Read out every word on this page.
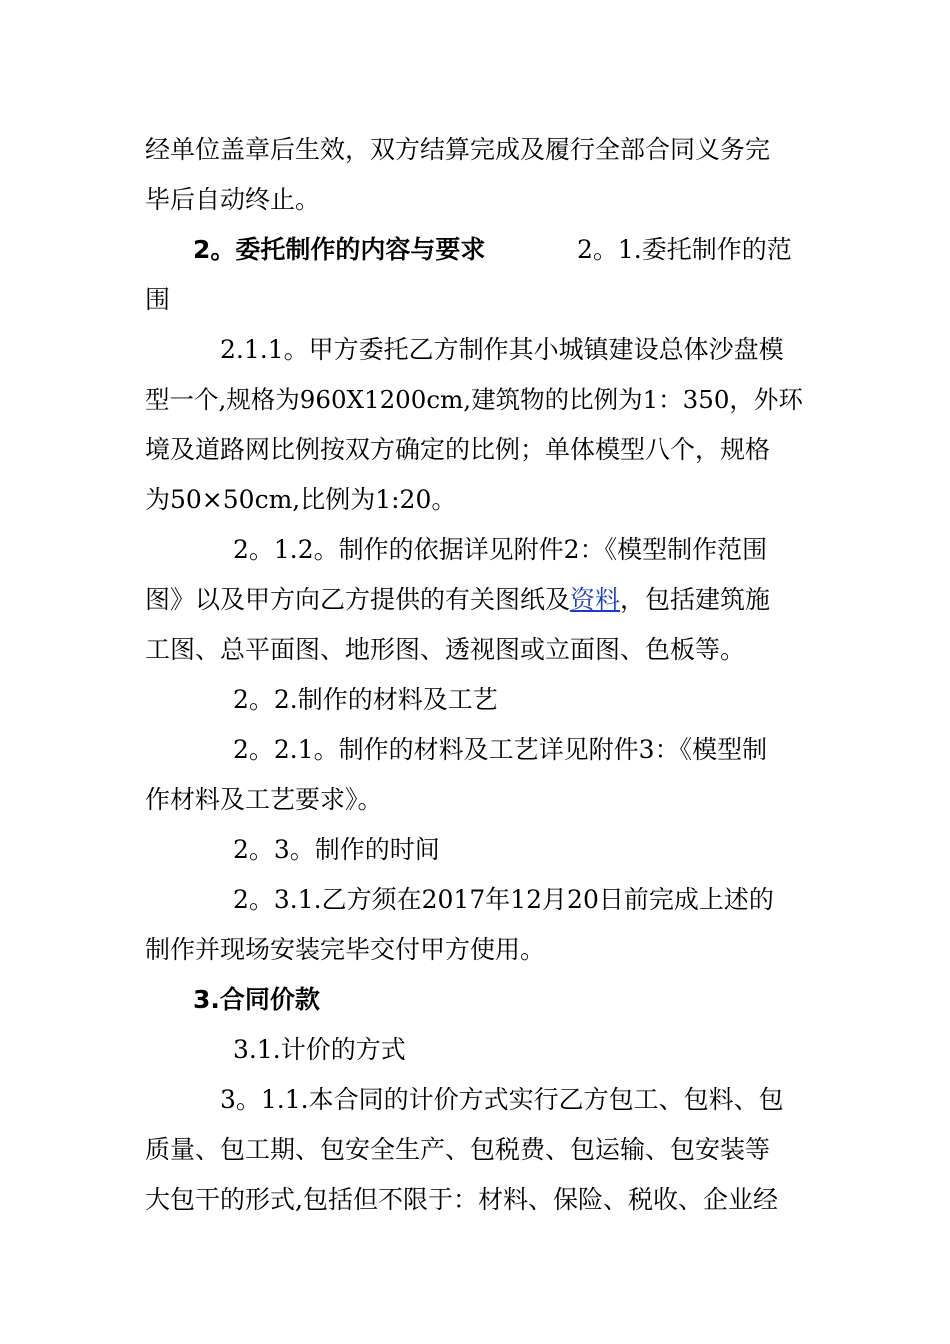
经单位盖章后生效，双方结算完成及履行全部合同义务完
毕后自动终止。
2。委托制作的内容与要求	2。1.委托制作的范
围
2.1.1。甲方委托乙方制作其小城镇建设总体沙盘模
型一个,规格为960X1200cm,建筑物的比例为1：350，外环
境及道路网比例按双方确定的比例；单体模型八个，规格
为50×50cm,比例为1:20。
2。1.2。制作的依据详见附件2：《模型制作范围
图》以及甲方向乙方提供的有关图纸及资料，包括建筑施
工图、总平面图、地形图、透视图或立面图、色板等。
2。2.制作的材料及工艺
2。2.1。制作的材料及工艺详见附件3：《模型制
作材料及工艺要求》。
2。3。制作的时间
2。3.1.乙方须在2017年12月20日前完成上述的
制作并现场安装完毕交付甲方使用。
3.合同价款
3.1.计价的方式
3。1.1.本合同的计价方式实行乙方包工、包料、包
质量、包工期、包安全生产、包税费、包运输、包安装等
大包干的形式,包括但不限于：材料、保险、税收、企业经
